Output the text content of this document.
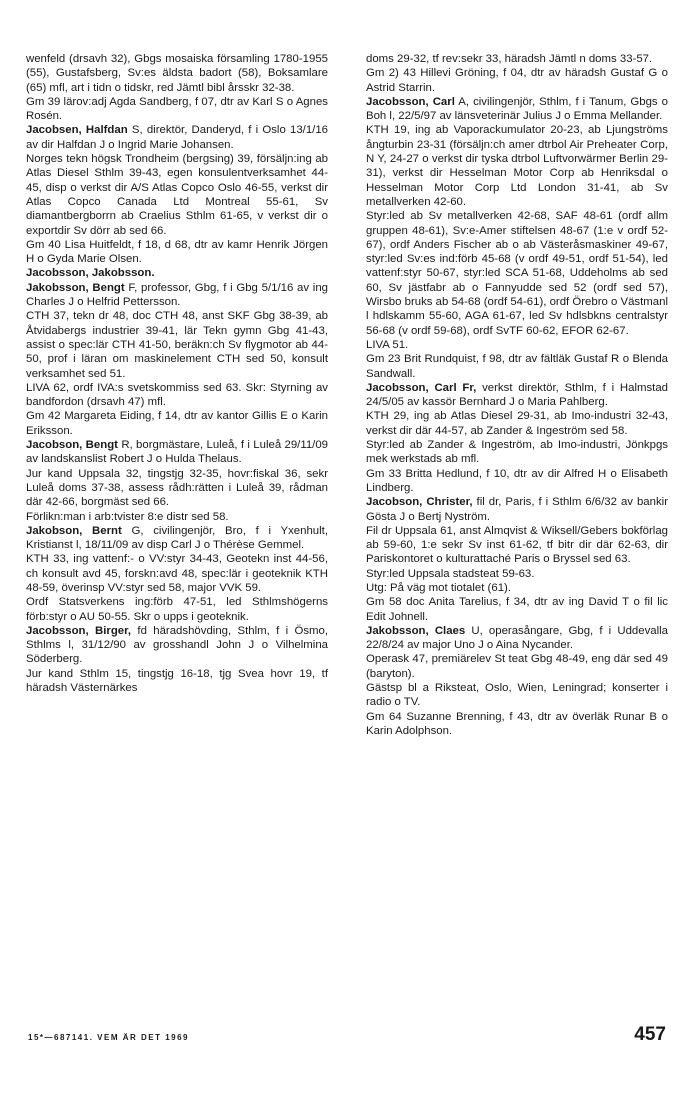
wenfeld (drsavh 32), Gbgs mosaiska församling 1780-1955 (55), Gustafsberg, Sv:es äldsta badort (58), Boksamlare (65) mfl, art i tidn o tidskr, red Jämtl bibl årsskr 32-38.

Gm 39 lärov:adj Agda Sandberg, f 07, dtr av Karl S o Agnes Rosén.

Jacobsen, Halfdan S, direktör, Danderyd, f i Oslo 13/1/16 av dir Halfdan J o Ingrid Marie Johansen.

Norges tekn högsk Trondheim (bergsing) 39, försäljn:ing ab Atlas Diesel Sthlm 39-43, egen konsulentverksamhet 44-45, disp o verkst dir A/S Atlas Copco Oslo 46-55, verkst dir Atlas Copco Canada Ltd Montreal 55-61, Sv diamantbergborrn ab Craelius Sthlm 61-65, v verkst dir o exportdir Sv dörr ab sed 66.

Gm 40 Lisa Huitfeldt, f 18, d 68, dtr av kamr Henrik Jörgen H o Gyda Marie Olsen.

Jacobsson, Jakobsson.

Jakobsson, Bengt F, professor, Gbg, f i Gbg 5/1/16 av ing Charles J o Helfrid Pettersson.

CTH 37, tekn dr 48, doc CTH 48, anst SKF Gbg 38-39, ab Åtvidabergs industrier 39-41, lär Tekn gymn Gbg 41-43, assist o spec:lär CTH 41-50, beräkn:ch Sv flygmotor ab 44-50, prof i läran om maskinelement CTH sed 50, konsult verksamhet sed 51.

LIVA 62, ordf IVA:s svetskommiss sed 63. Skr: Styrning av bandfordon (drsavh 47) mfl.

Gm 42 Margareta Eiding, f 14, dtr av kantor Gillis E o Karin Eriksson.

Jacobson, Bengt R, borgmästare, Luleå, f i Luleå 29/11/09 av landskanslist Robert J o Hulda Thelaus.

Jur kand Uppsala 32, tingstjg 32-35, hovr:fiskal 36, sekr Luleå doms 37-38, assess rådh:rätten i Luleå 39, rådman där 42-66, borgmäst sed 66.

Förlikn:man i arb:tvister 8:e distr sed 58.

Jakobson, Bernt G, civilingenjör, Bro, f i Yxenhult, Kristianst l, 18/11/09 av disp Carl J o Thérèse Gemmel.

KTH 33, ing vattenf:- o VV:styr 34-43, Geotekn inst 44-56, ch konsult avd 45, forskn:avd 48, spec:lär i geoteknik KTH 48-59, överinsp VV:styr sed 58, major VVK 59.

Ordf Statsverkens ing:förb 47-51, led Sthlmshögerns förb:styr o AU 50-55. Skr o upps i geoteknik.

Jacobsson, Birger, fd häradshövding, Sthlm, f i Ösmo, Sthlms l, 31/12/90 av grosshandl John J o Vilhelmina Söderberg.

Jur kand Sthlm 15, tingstjg 16-18, tjg Svea hovr 19, tf häradsh Västernärkes

doms 29-32, tf rev:sekr 33, häradsh Jämtl n doms 33-57.

Gm 2) 43 Hillevi Gröning, f 04, dtr av häradsh Gustaf G o Astrid Starrin.

Jacobsson, Carl A, civilingenjör, Sthlm, f i Tanum, Gbgs o Boh l, 22/5/97 av länsveterinär Julius J o Emma Mellander.

KTH 19, ing ab Vaporackumulator 20-23, ab Ljungströms ångturbin 23-31 (försäljn:ch amer dtrbol Air Preheater Corp, N Y, 24-27 o verkst dir tyska dtrbol Luftvorwärmer Berlin 29-31), verkst dir Hesselman Motor Corp ab Henriksdal o Hesselman Motor Corp Ltd London 31-41, ab Sv metallverken 42-60.

Styr:led ab Sv metallverken 42-68, SAF 48-61 (ordf allm gruppen 48-61), Sv:e-Amer stiftelsen 48-67 (1:e v ordf 52-67), ordf Anders Fischer ab o ab Västeråsmaskiner 49-67, styr:led Sv:es ind:förb 45-68 (v ordf 49-51, ordf 51-54), led vattenf:styr 50-67, styr:led SCA 51-68, Uddeholms ab sed 60, Sv jästfabr ab o Fannyudde sed 52 (ordf sed 57), Wirsbo bruks ab 54-68 (ordf 54-61), ordf Örebro o Västmanl l hdlskamm 55-60, AGA 61-67, led Sv hdlsbkns centralstyr 56-68 (v ordf 59-68), ordf SvTF 60-62, EFOR 62-67.

LIVA 51.

Gm 23 Brit Rundquist, f 98, dtr av fältläk Gustaf R o Blenda Sandwall.

Jacobsson, Carl Fr, verkst direktör, Sthlm, f i Halmstad 24/5/05 av kassör Bernhard J o Maria Pahlberg.

KTH 29, ing ab Atlas Diesel 29-31, ab Imo-industri 32-43, verkst dir där 44-57, ab Zander & Ingeström sed 58.

Styr:led ab Zander & Ingeström, ab Imo-industri, Jönkpgs mek werkstads ab mfl.

Gm 33 Britta Hedlund, f 10, dtr av dir Alfred H o Elisabeth Lindberg.

Jacobson, Christer, fil dr, Paris, f i Sthlm 6/6/32 av bankir Gösta J o Bertj Nyström.

Fil dr Uppsala 61, anst Almqvist & Wiksell/Gebers bokförlag ab 59-60, 1:e sekr Sv inst 61-62, tf bitr dir där 62-63, dir Pariskontoret o kulturattaché Paris o Bryssel sed 63.

Styr:led Uppsala stadsteat 59-63.

Utg: På väg mot tiotalet (61).

Gm 58 doc Anita Tarelius, f 34, dtr av ing David T o fil lic Edit Johnell.

Jakobsson, Claes U, operasångare, Gbg, f i Uddevalla 22/8/24 av major Uno J o Aina Nycander.

Operask 47, premiärelev St teat Gbg 48-49, eng där sed 49 (baryton).

Gästsp bl a Riksteat, Oslo, Wien, Leningrad; konserter i radio o TV.

Gm 64 Suzanne Brenning, f 43, dtr av överläk Runar B o Karin Adolphson.

15*—687141. VEM ÄR DET 1969	457
